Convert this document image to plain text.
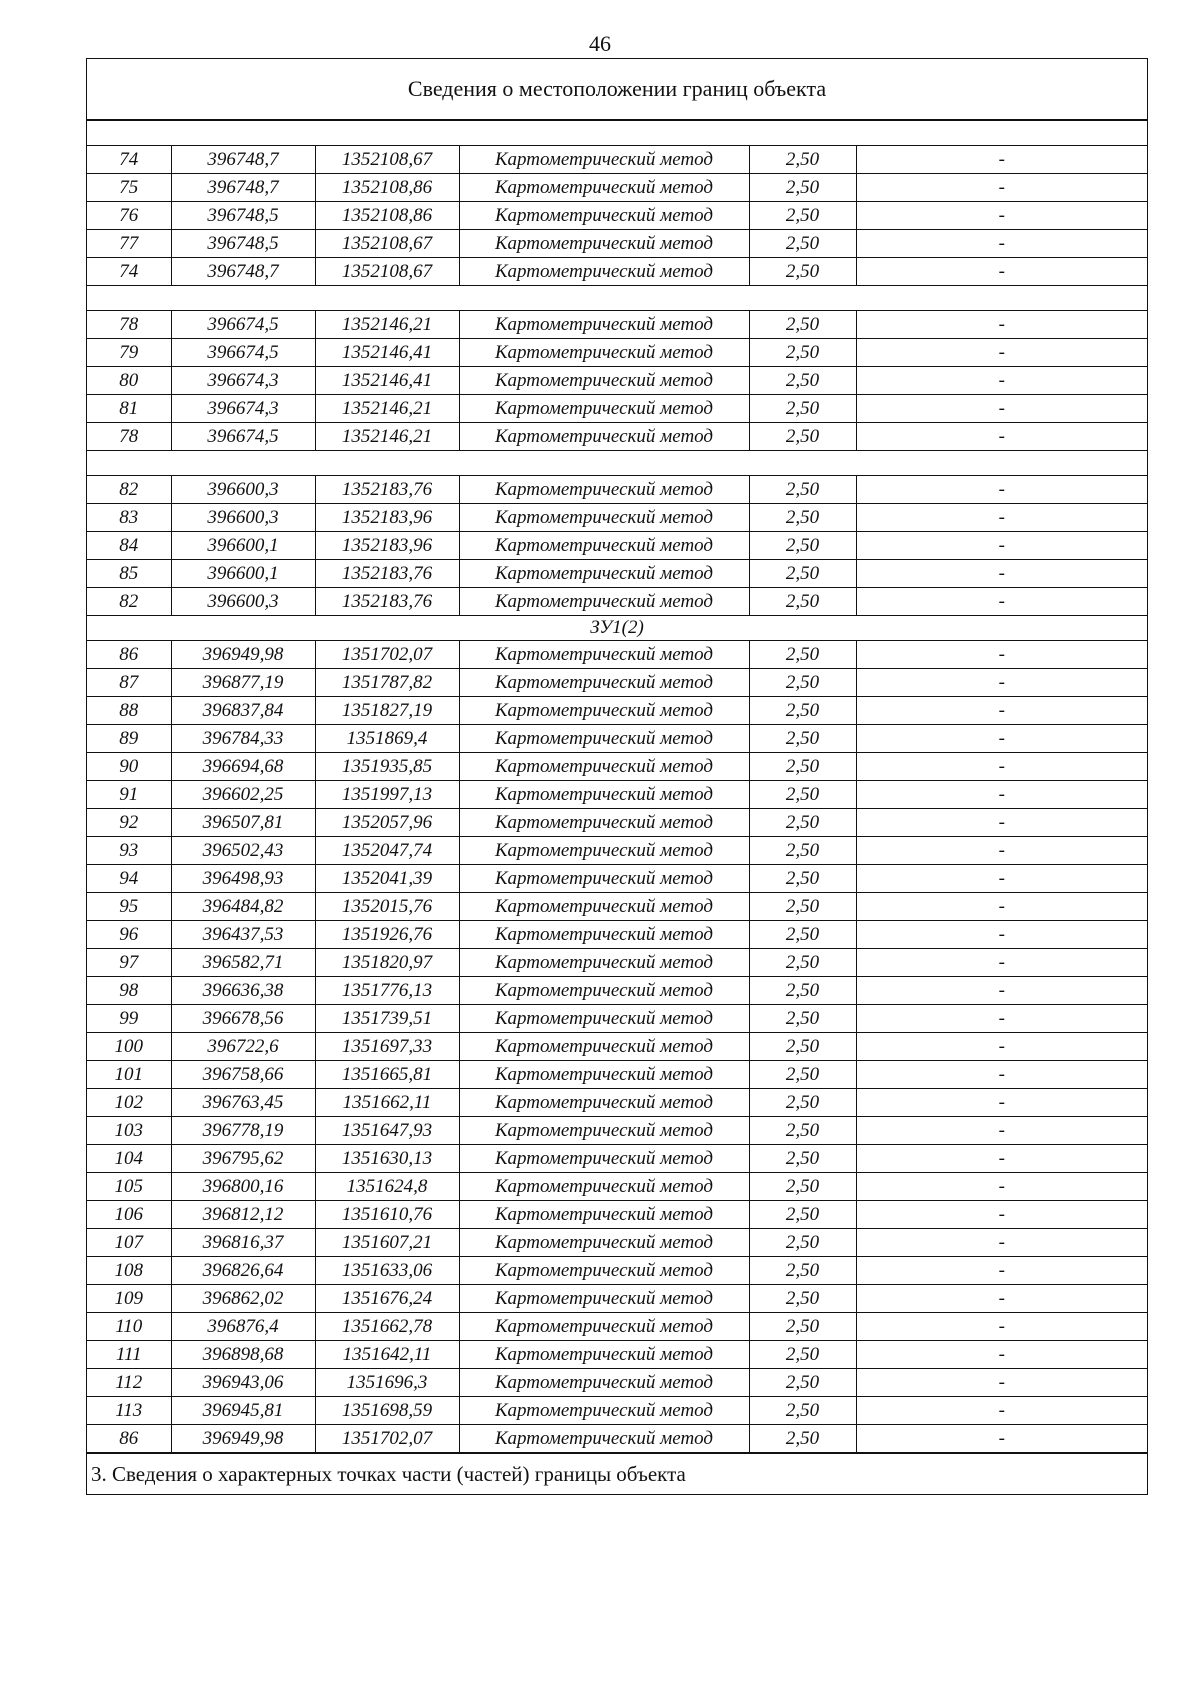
46
Сведения о местоположении границ объекта

74	396748,7	1352108,67	Картометрический метод	2,50	-
75	396748,7	1352108,86	Картометрический метод	2,50	-
76	396748,5	1352108,86	Картометрический метод	2,50	-
77	396748,5	1352108,67	Картометрический метод	2,50	-
74	396748,7	1352108,67	Картометрический метод	2,50	-

78	396674,5	1352146,21	Картометрический метод	2,50	-
79	396674,5	1352146,41	Картометрический метод	2,50	-
80	396674,3	1352146,41	Картометрический метод	2,50	-
81	396674,3	1352146,21	Картометрический метод	2,50	-
78	396674,5	1352146,21	Картометрический метод	2,50	-

82	396600,3	1352183,76	Картометрический метод	2,50	-
83	396600,3	1352183,96	Картометрический метод	2,50	-
84	396600,1	1352183,96	Картометрический метод	2,50	-
85	396600,1	1352183,76	Картометрический метод	2,50	-
82	396600,3	1352183,76	Картометрический метод	2,50	-
ЗУ1(2)					
86	396949,98	1351702,07	Картометрический метод	2,50	-
87	396877,19	1351787,82	Картометрический метод	2,50	-
88	396837,84	1351827,19	Картометрический метод	2,50	-
89	396784,33	1351869,4	Картометрический метод	2,50	-
90	396694,68	1351935,85	Картометрический метод	2,50	-
91	396602,25	1351997,13	Картометрический метод	2,50	-
92	396507,81	1352057,96	Картометрический метод	2,50	-
93	396502,43	1352047,74	Картометрический метод	2,50	-
94	396498,93	1352041,39	Картометрический метод	2,50	-
95	396484,82	1352015,76	Картометрический метод	2,50	-
96	396437,53	1351926,76	Картометрический метод	2,50	-
97	396582,71	1351820,97	Картометрический метод	2,50	-
98	396636,38	1351776,13	Картометрический метод	2,50	-
99	396678,56	1351739,51	Картометрический метод	2,50	-
100	396722,6	1351697,33	Картометрический метод	2,50	-
101	396758,66	1351665,81	Картометрический метод	2,50	-
102	396763,45	1351662,11	Картометрический метод	2,50	-
103	396778,19	1351647,93	Картометрический метод	2,50	-
104	396795,62	1351630,13	Картометрический метод	2,50	-
105	396800,16	1351624,8	Картометрический метод	2,50	-
106	396812,12	1351610,76	Картометрический метод	2,50	-
107	396816,37	1351607,21	Картометрический метод	2,50	-
108	396826,64	1351633,06	Картометрический метод	2,50	-
109	396862,02	1351676,24	Картометрический метод	2,50	-
110	396876,4	1351662,78	Картометрический метод	2,50	-
111	396898,68	1351642,11	Картометрический метод	2,50	-
112	396943,06	1351696,3	Картометрический метод	2,50	-
113	396945,81	1351698,59	Картометрический метод	2,50	-
86	396949,98	1351702,07	Картометрический метод	2,50	-
3. Сведения о характерных точках части (частей) границы объекта
